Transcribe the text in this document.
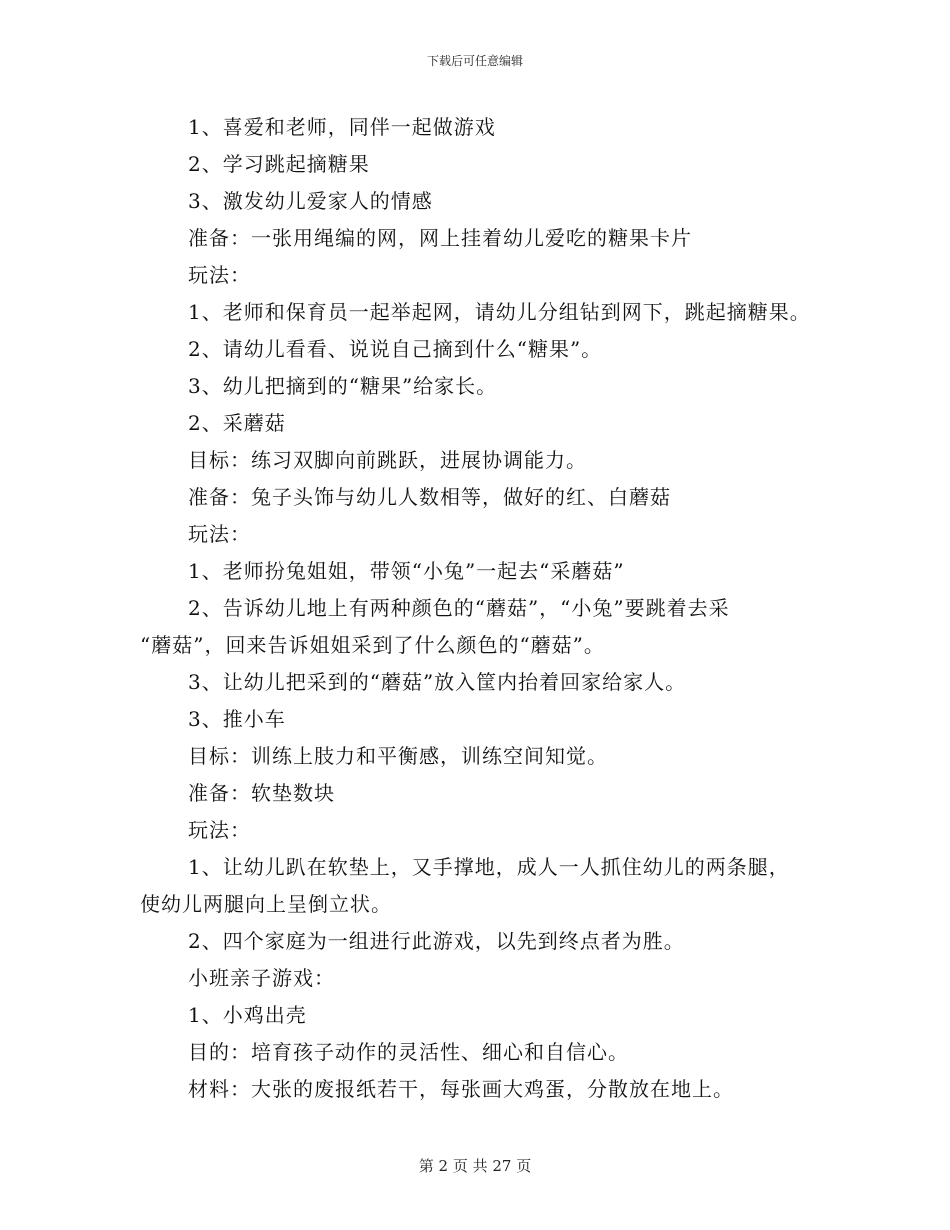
下载后可任意编辑
1、喜爱和老师，同伴一起做游戏
2、学习跳起摘糖果
3、激发幼儿爱家人的情感
准备：一张用绳编的网，网上挂着幼儿爱吃的糖果卡片
玩法：
1、老师和保育员一起举起网，请幼儿分组钻到网下，跳起摘糖果。
2、请幼儿看看、说说自己摘到什么“糖果”。
3、幼儿把摘到的“糖果”给家长。
2、采蘑菇
目标：练习双脚向前跳跃，进展协调能力。
准备：兔子头饰与幼儿人数相等，做好的红、白蘑菇
玩法：
1、老师扮兔姐姐，带领“小兔”一起去“采蘑菇”
2、告诉幼儿地上有两种颜色的“蘑菇”，“小兔”要跳着去采
“蘑菇”，回来告诉姐姐采到了什么颜色的“蘑菇”。
3、让幼儿把采到的“蘑菇”放入筐内抬着回家给家人。
3、推小车
目标：训练上肢力和平衡感，训练空间知觉。
准备：软垫数块
玩法：
1、让幼儿趴在软垫上，又手撑地，成人一人抓住幼儿的两条腿，
使幼儿两腿向上呈倒立状。
2、四个家庭为一组进行此游戏，以先到终点者为胜。
小班亲子游戏：
1、小鸡出壳
目的：培育孩子动作的灵活性、细心和自信心。
材料：大张的废报纸若干，每张画大鸡蛋，分散放在地上。
第 2 页 共 27 页
